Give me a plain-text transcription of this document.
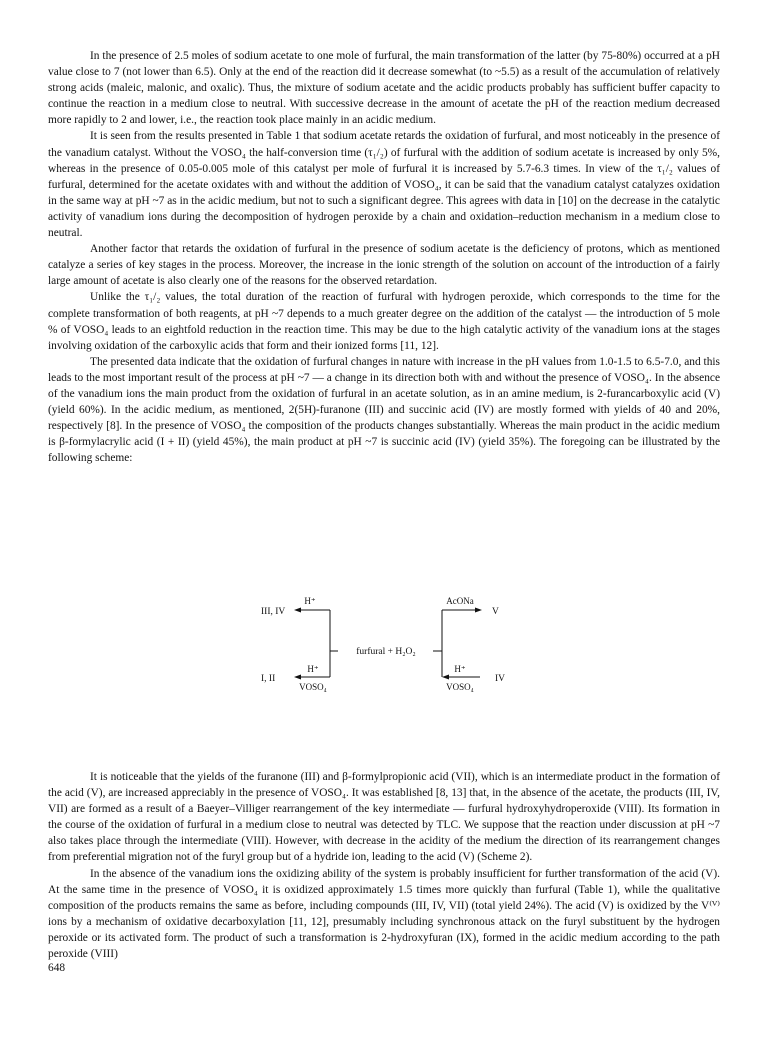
In the presence of 2.5 moles of sodium acetate to one mole of furfural, the main transformation of the latter (by 75-80%) occurred at a pH value close to 7 (not lower than 6.5). Only at the end of the reaction did it decrease somewhat (to ~5.5) as a result of the accumulation of relatively strong acids (maleic, malonic, and oxalic). Thus, the mixture of sodium acetate and the acidic products probably has sufficient buffer capacity to continue the reaction in a medium close to neutral. With successive decrease in the amount of acetate the pH of the reaction medium decreased more rapidly to 2 and lower, i.e., the reaction took place mainly in an acidic medium.

It is seen from the results presented in Table 1 that sodium acetate retards the oxidation of furfural, and most noticeably in the presence of the vanadium catalyst. Without the VOSO₄ the half-conversion time (τ₁/₂) of furfural with the addition of sodium acetate is increased by only 5%, whereas in the presence of 0.05-0.005 mole of this catalyst per mole of furfural it is increased by 5.7-6.3 times. In view of the τ₁/₂ values of furfural, determined for the acetate oxidates with and without the addition of VOSO₄, it can be said that the vanadium catalyst catalyzes oxidation in the same way at pH ~7 as in the acidic medium, but not to such a significant degree. This agrees with data in [10] on the decrease in the catalytic activity of vanadium ions during the decomposition of hydrogen peroxide by a chain and oxidation–reduction mechanism in a medium close to neutral.

Another factor that retards the oxidation of furfural in the presence of sodium acetate is the deficiency of protons, which as mentioned catalyze a series of key stages in the process. Moreover, the increase in the ionic strength of the solution on account of the introduction of a fairly large amount of acetate is also clearly one of the reasons for the observed retardation.

Unlike the τ₁/₂ values, the total duration of the reaction of furfural with hydrogen peroxide, which corresponds to the time for the complete transformation of both reagents, at pH ~7 depends to a much greater degree on the addition of the catalyst — the introduction of 5 mole % of VOSO₄ leads to an eightfold reduction in the reaction time. This may be due to the high catalytic activity of the vanadium ions at the stages involving oxidation of the carboxylic acids that form and their ionized forms [11, 12].

The presented data indicate that the oxidation of furfural changes in nature with increase in the pH values from 1.0-1.5 to 6.5-7.0, and this leads to the most important result of the process at pH ~7 — a change in its direction both with and without the presence of VOSO₄. In the absence of the vanadium ions the main product from the oxidation of furfural in an acetate solution, as in an amine medium, is 2-furancarboxylic acid (V) (yield 60%). In the acidic medium, as mentioned, 2(5H)-furanone (III) and succinic acid (IV) are mostly formed with yields of 40 and 20%, respectively [8]. In the presence of VOSO₄ the composition of the products changes substantially. Whereas the main product in the acidic medium is β-formylacrylic acid (I + II) (yield 45%), the main product at pH ~7 is succinic acid (IV) (yield 35%). The foregoing can be illustrated by the following scheme:

III, IV
H⁺	AcONa
V
furfural + H₂O₂
I, II
H⁺
VOSO₄
H⁺
VOSO₄
IV

It is noticeable that the yields of the furanone (III) and β-formylpropionic acid (VII), which is an intermediate product in the formation of the acid (V), are increased appreciably in the presence of VOSO₄. It was established [8, 13] that, in the absence of the acetate, the products (III, IV, VII) are formed as a result of a Baeyer–Villiger rearrangement of the key intermediate — furfural hydroxyhydroperoxide (VIII). Its formation in the course of the oxidation of furfural in a medium close to neutral was detected by TLC. We suppose that the reaction under discussion at pH ~7 also takes place through the intermediate (VIII). However, with decrease in the acidity of the medium the direction of its rearrangement changes from preferential migration not of the furyl group but of a hydride ion, leading to the acid (V) (Scheme 2).

In the absence of the vanadium ions the oxidizing ability of the system is probably insufficient for further transformation of the acid (V). At the same time in the presence of VOSO₄ it is oxidized approximately 1.5 times more quickly than furfural (Table 1), while the qualitative composition of the products remains the same as before, including compounds (III, IV, VII) (total yield 24%). The acid (V) is oxidized by the V⁽ⱽ⁾ ions by a mechanism of oxidative decarboxylation [11, 12], presumably including synchronous attack on the furyl substituent by the hydrogen peroxide or its activated form. The product of such a transformation is 2-hydroxyfuran (IX), formed in the acidic medium according to the path peroxide (VIII)

648
